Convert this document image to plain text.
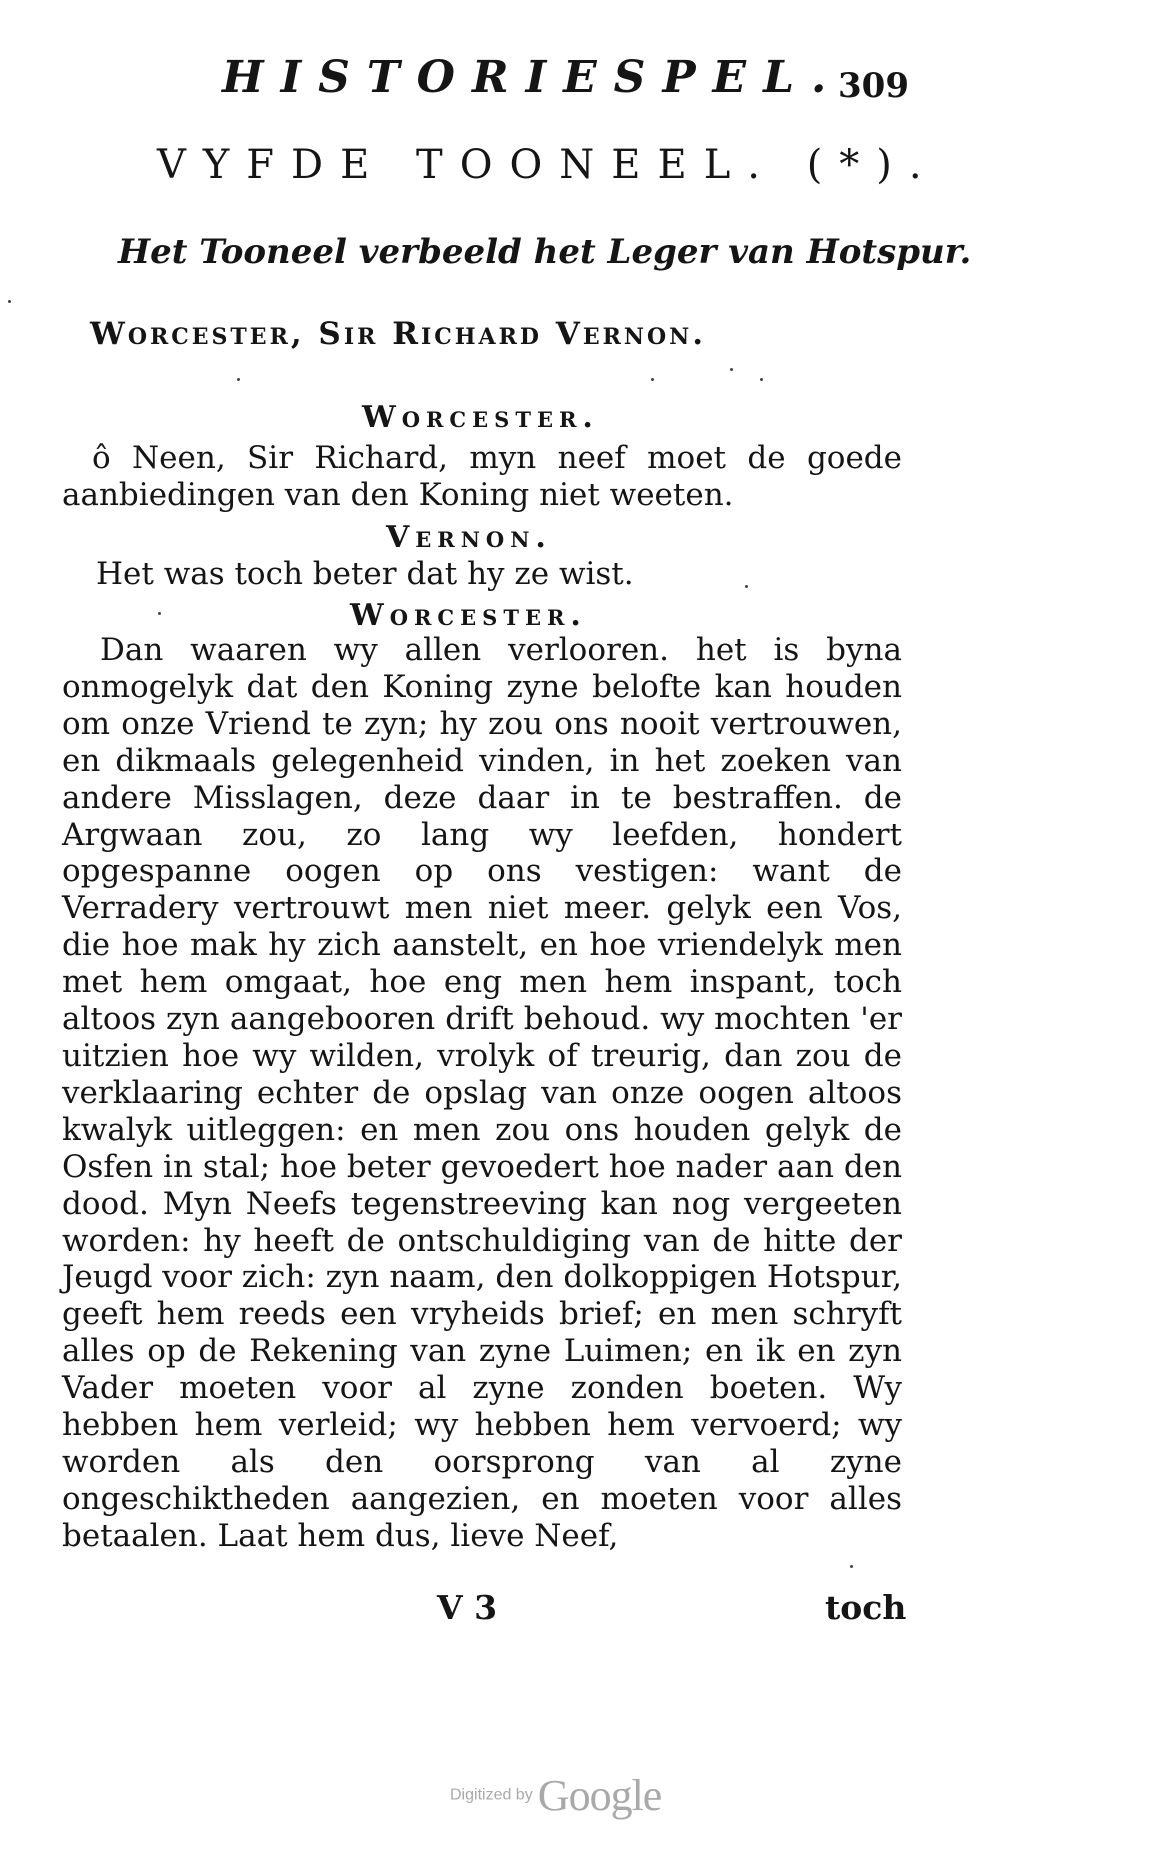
HISTORIESPEL.
309
VYFDE TOONEEL. (*).
Het Tooneel verbeeld het Leger van Hotspur.
Worcester, Sir Richard Vernon.
Worcester.

ô Neen, Sir Richard, myn neef moet de goede aanbiedingen van den Koning niet weeten.

Vernon.

Het was toch beter dat hy ze wist.

Worcester.

Dan waaren wy allen verlooren. het is byna onmogelyk dat den Koning zyne belofte kan houden om onze Vriend te zyn; hy zou ons nooit vertrouwen, en dikmaals gelegenheid vinden, in het zoeken van andere Misslagen, deze daar in te bestraffen. de Argwaan zou, zo lang wy leefden, hondert opgespanne oogen op ons vestigen: want de Verradery vertrouwt men niet meer. gelyk een Vos, die hoe mak hy zich aanstelt, en hoe vriendelyk men met hem omgaat, hoe eng men hem inspant, toch altoos zyn aangebooren drift behoud. wy mochten 'er uitzien hoe wy wilden, vrolyk of treurig, dan zou de verklaaring echter de opslag van onze oogen altoos kwalyk uitleggen: en men zou ons houden gelyk de Osfen in stal; hoe beter gevoedert hoe nader aan den dood. Myn Neefs tegenstreeving kan nog vergeeten worden: hy heeft de ontschuldiging van de hitte der Jeugd voor zich: zyn naam, den dolkoppigen Hotspur, geeft hem reeds een vryheids brief; en men schryft alles op de Rekening van zyne Luimen; en ik en zyn Vader moeten voor al zyne zonden boeten. Wy hebben hem verleid; wy hebben hem vervoerd; wy worden als den oorsprong van al zyne ongeschiktheden aangezien, en moeten voor alles betaalen. Laat hem dus, lieve Neef,

V 3	toch
Digitized by Google
